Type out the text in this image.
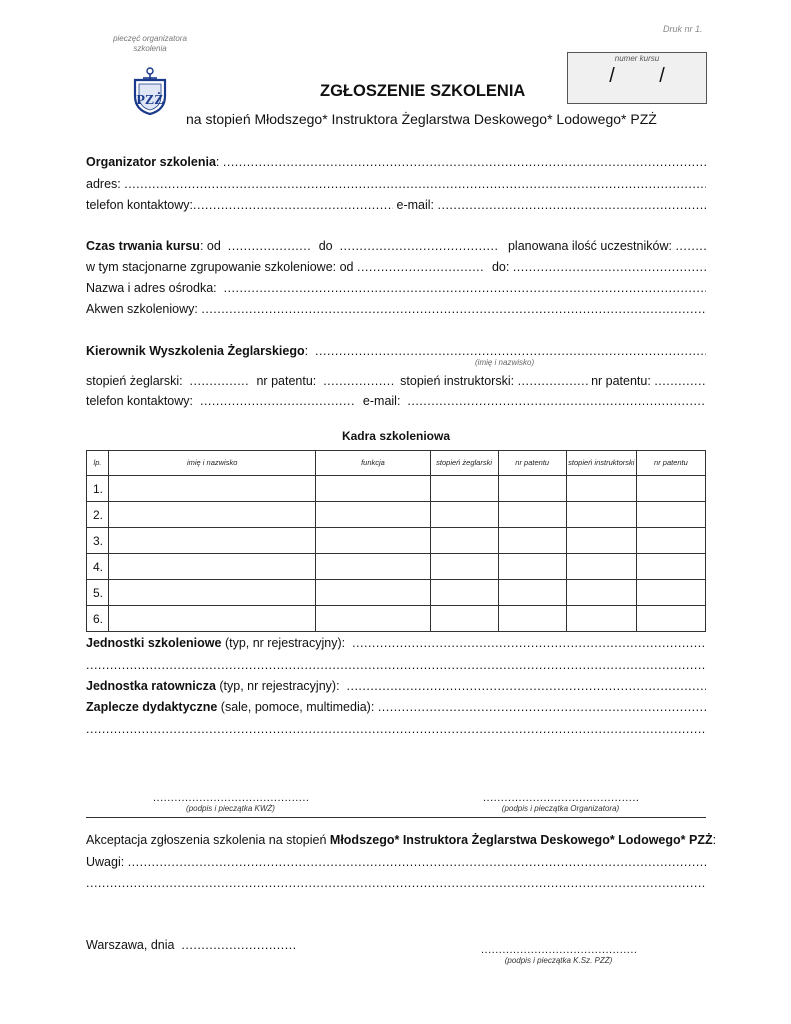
Druk nr 1.
pieczęć organizatora
szkolenia
PZŻ
numer kursu
/        /
ZGŁOSZENIE SZKOLENIA
na stopień Młodszego* Instruktora Żeglarstwa Deskowego* Lodowego* PZŻ
Organizator szkolenia :

.....
adres:

.....
telefon kontaktowy: .....
	e-mail:

.....
Czas trwania kursu : od
.....
	do
.....
	planowana ilość uczestników:

.....
w tym stacjonarne zgrupowanie szkoleniowe: od
.....
	do:

.....
Nazwa i adres ośrodka:

.....
Akwen szkoleniowy:

.....
Kierownik Wyszkolenia Żeglarskiego :

.....
(imię i nazwisko)
stopień żeglarski:
.....
	nr patentu:
.....
	stopień instruktorski:
.....
	nr patentu:

.....
telefon kontaktowy:
.....
	e-mail:

.....
Kadra szkoleniowa
lp.	imię i nazwisko	funkcja	stopień żeglarski	nr patentu	stopień instruktorski	nr patentu
1.						
2.						
3.						
4.						
5.						
6.						
Jednostki szkoleniowe (typ, nr rejestracyjny):

.....
.....
Jednostka ratownicza (typ, nr rejestracyjny):

.....
Zaplecze dydaktyczne (sale, pomoce, multimedia):

.....
.....
.....
(podpis i pieczątka KWŻ)
.....	(podpis i pieczątka Organizatora)
Akceptacja zgłoszenia szkolenia na stopień Młodszego* Instruktora Żeglarstwa Deskowego* Lodowego* PZŻ:
Uwagi:

.....
.....
Warszawa, dnia

.....
.....
(podpis i pieczątka K.Sz. PZŻ)
